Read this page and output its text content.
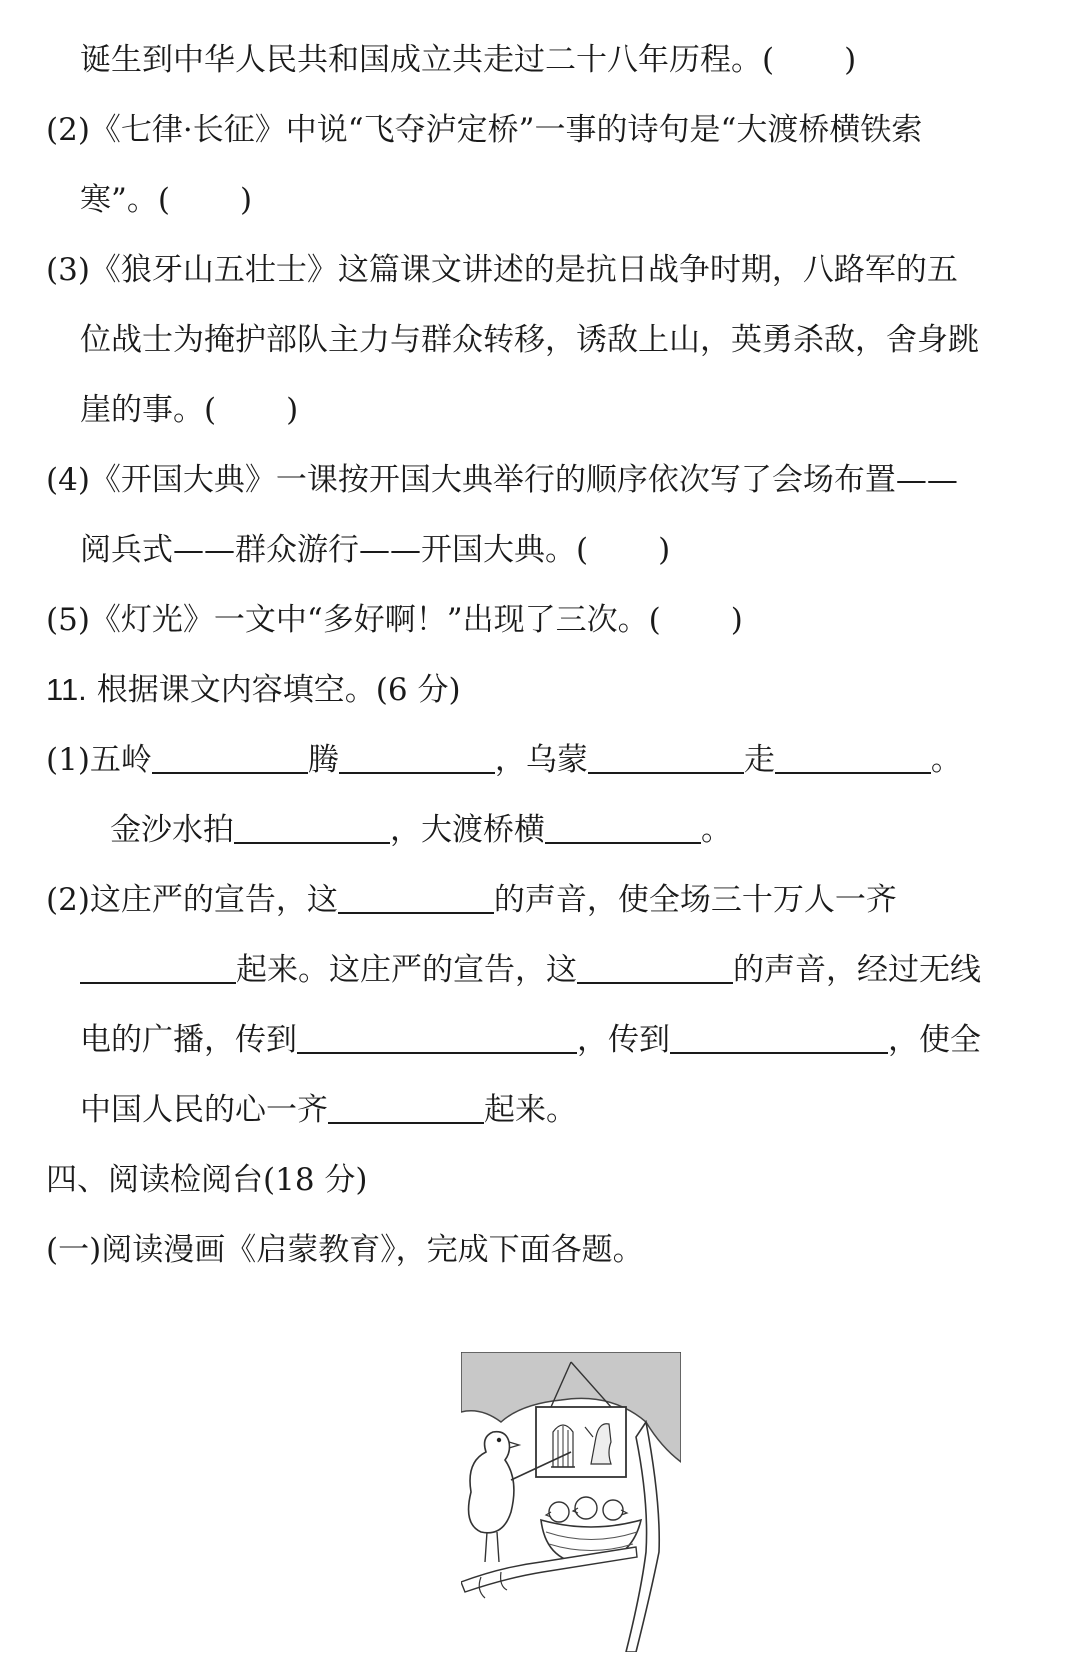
诞生到中华人民共和国成立共走过二十八年历程。( )
(2)《七律·长征》中说“飞夺泸定桥”一事的诗句是“大渡桥横铁索
寒”。( )
(3)《狼牙山五壮士》这篇课文讲述的是抗日战争时期，八路军的五
位战士为掩护部队主力与群众转移，诱敌上山，英勇杀敌，舍身跳
崖的事。( )
(4)《开国大典》一课按开国大典举行的顺序依次写了会场布置——
阅兵式——群众游行——开国大典。( )
(5)《灯光》一文中“多好啊！”出现了三次。( )
11. 根据课文内容填空。(6 分)
(1)五岭	腾	，乌蒙	走	。
金沙水拍	，大渡桥横	。
(2)这庄严的宣告，这	的声音，使全场三十万人一齐
起来。这庄严的宣告，这	的声音，经过无线
电的广播，传到	，传到	，使全
中国人民的心一齐	起来。
四、阅读检阅台(18 分)
(一)阅读漫画《启蒙教育》，完成下面各题。
